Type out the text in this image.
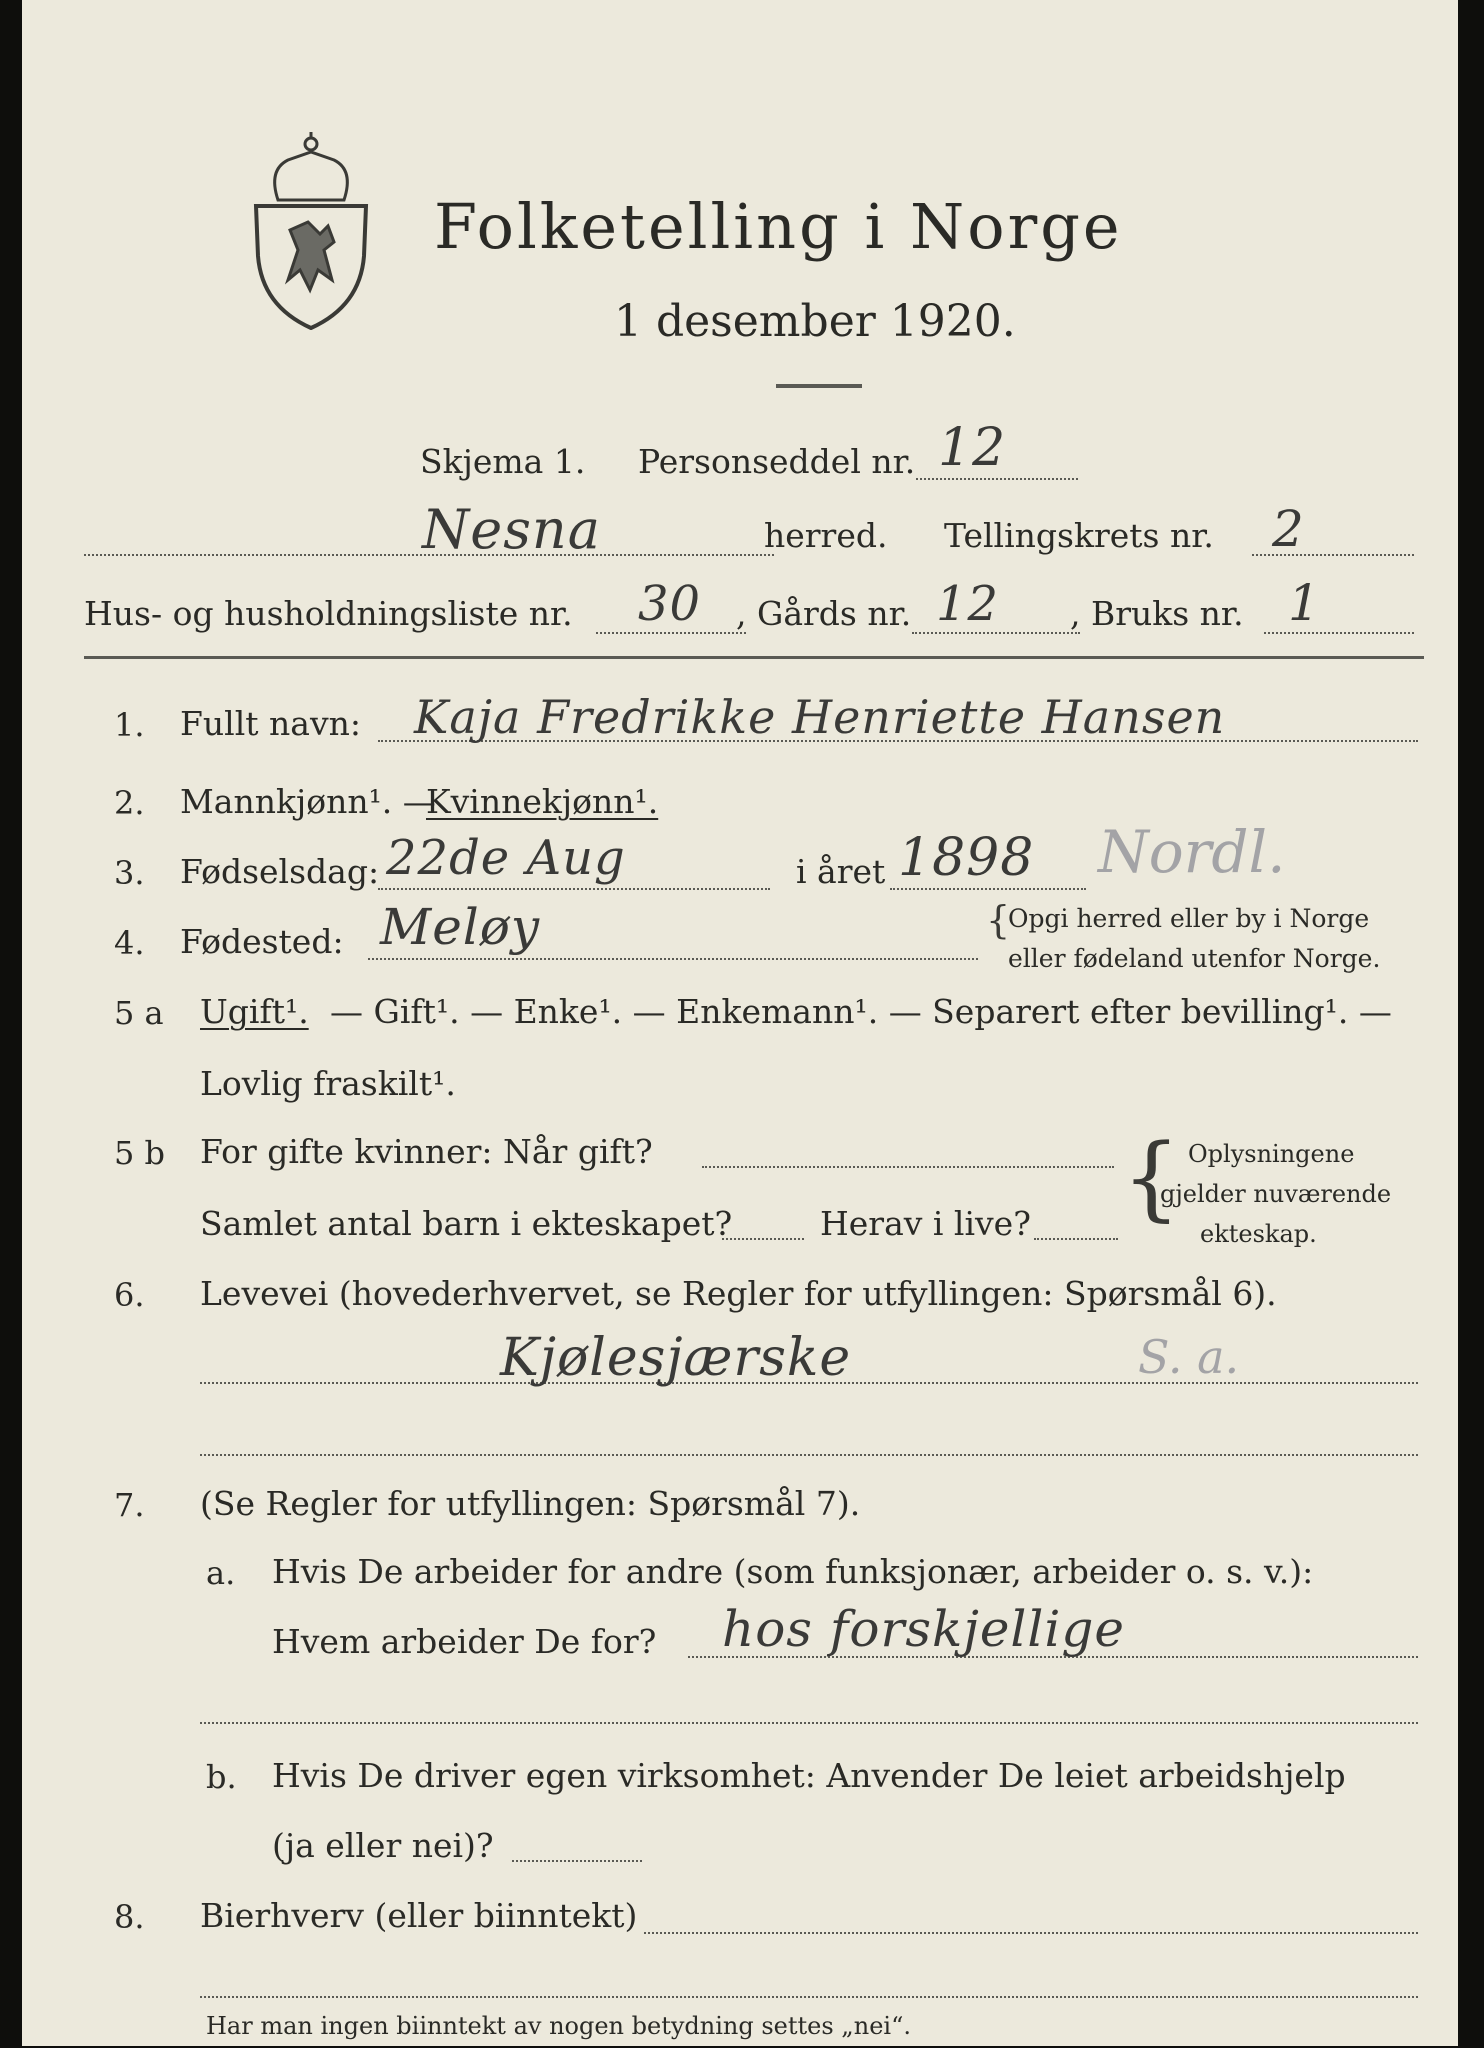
Folketelling i Norge
1 desember 1920.
Skjema 1. Personseddel nr. 12
Nesna	herred. Tellingskrets nr. 2
Hus- og husholdningsliste nr. 30 , Gårds nr. 12 , Bruks nr. 1
1. Fullt navn: Kaja Fredrikke Henriette Hansen
2. Mannkjønn¹. —
Kvinnekjønn¹.
3. Fødselsdag: 22de Aug	i året 1898 Nordl.
4. Fødested: Meløy	{
Opgi herred eller by i Norge
eller fødeland utenfor Norge.
5 a Ugift¹. — Gift¹. — Enke¹. — Enkemann¹. — Separert efter bevilling¹. —
Lovlig fraskilt¹.
5 b For gifte kvinner: Når gift?
Samlet antal barn i ekteskapet?	Herav i live? { Oplysningene
gjelder nuværende
ekteskap.
6. Levevei (hovederhvervet, se Regler for utfyllingen: Spørsmål 6).
Kjølesjærske	S. a.
7. (Se Regler for utfyllingen: Spørsmål 7).
a. Hvis De arbeider for andre (som funksjonær, arbeider o. s. v.):
Hvem arbeider De for? hos forskjellige
b. Hvis De driver egen virksomhet: Anvender De leiet arbeidshjelp
(ja eller nei)?
8. Bierhverv (eller biinntekt)
Har man ingen biinntekt av nogen betydning settes „nei“.
